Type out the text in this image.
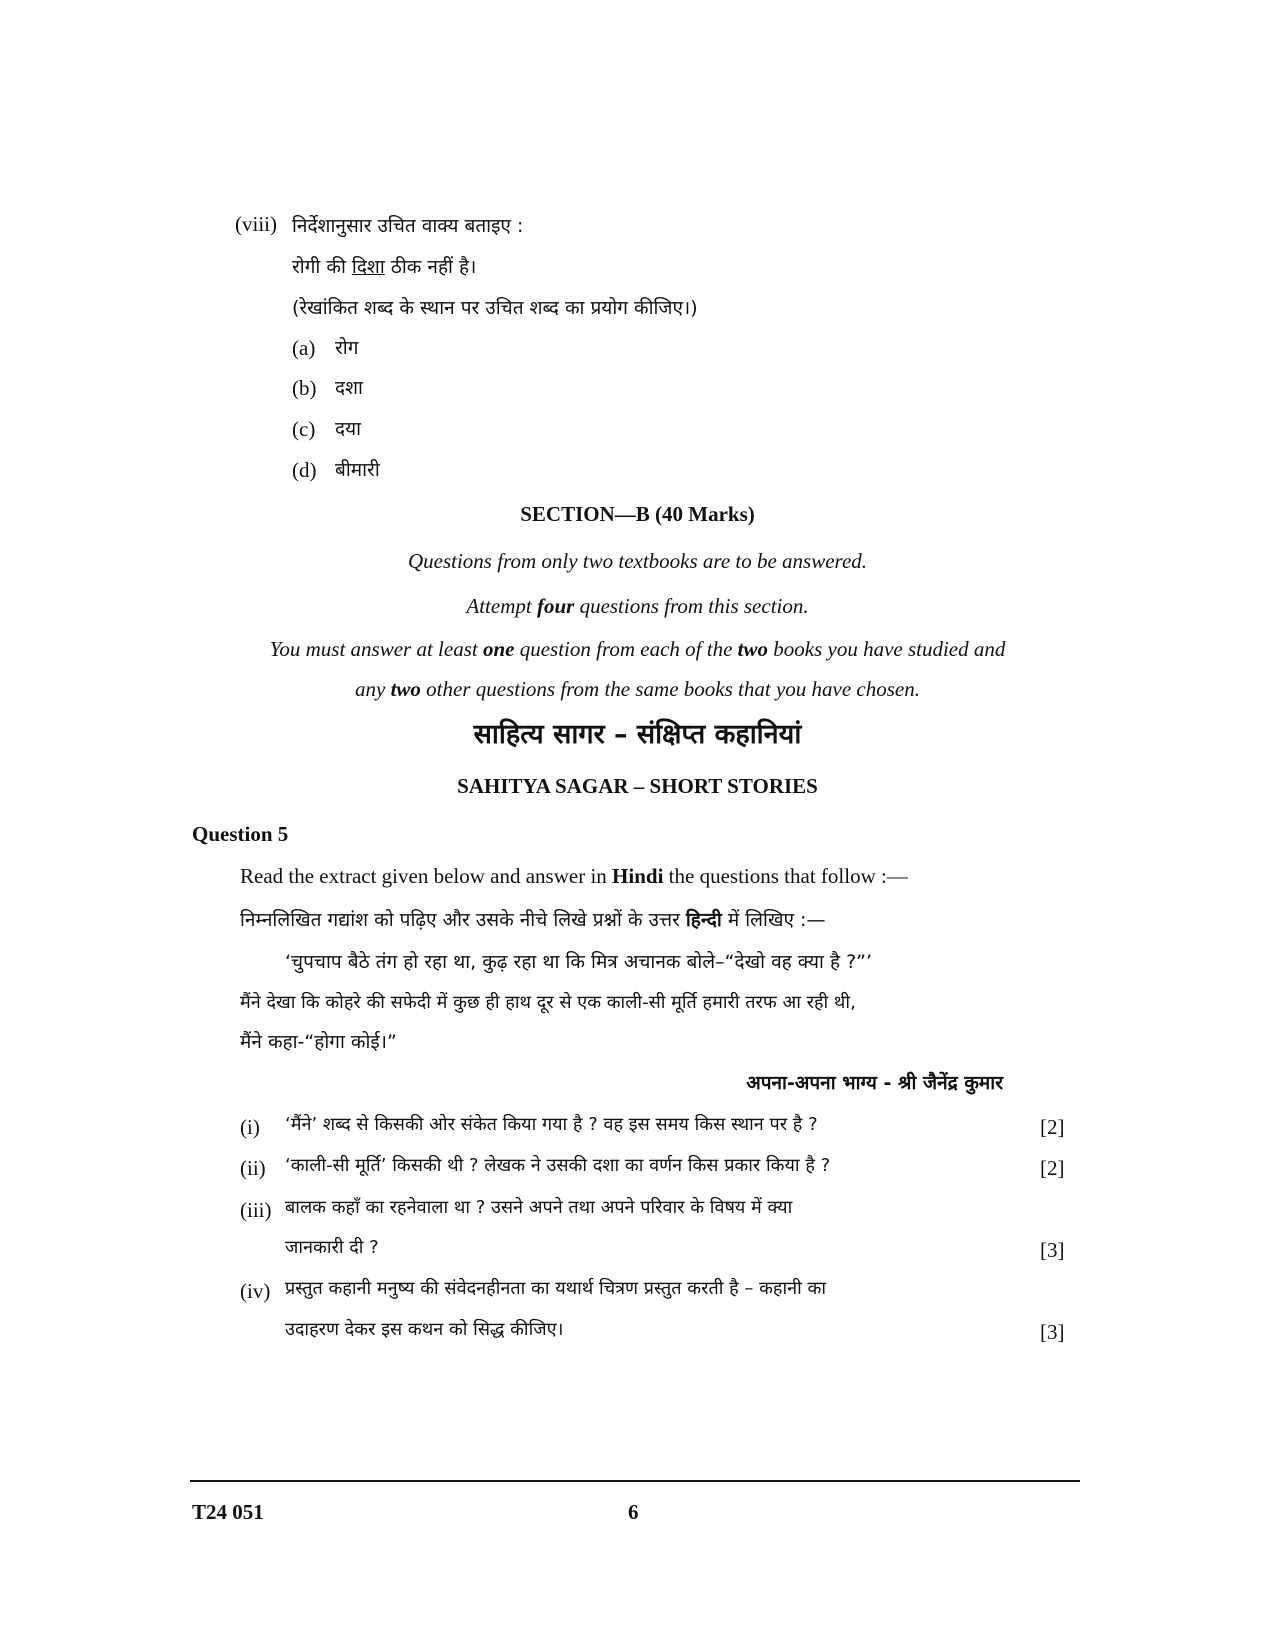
(viii) निर्देशानुसार उचित वाक्य बताइए :
रोगी की दिशा ठीक नहीं है।
(रेखांकित शब्द के स्थान पर उचित शब्द का प्रयोग कीजिए।)
(a) रोग
(b) दशा
(c) दया
(d) बीमारी
SECTION—B (40 Marks)
Questions from only two textbooks are to be answered.
Attempt four questions from this section.
You must answer at least one question from each of the two books you have studied and
any two other questions from the same books that you have chosen.
साहित्य सागर – संक्षिप्त कहानियां
SAHITYA SAGAR – SHORT STORIES
Question 5
Read the extract given below and answer in Hindi the questions that follow :—
निम्नलिखित गद्यांश को पढ़िए और उसके नीचे लिखे प्रश्नों के उत्तर हिन्दी में लिखिए :—
‘चुपचाप बैठे तंग हो रहा था, कुढ़ रहा था कि मित्र अचानक बोले–“देखो वह क्या है ?”’
मैंने देखा कि कोहरे की सफेदी में कुछ ही हाथ दूर से एक काली-सी मूर्ति हमारी तरफ आ रही थी,
मैंने कहा-“होगा कोई।”
अपना-अपना भाग्य - श्री जैनेंद्र कुमार
(i) ‘मैंने’ शब्द से किसकी ओर संकेत किया गया है ? वह इस समय किस स्थान पर है ?	[2]
(ii) ‘काली-सी मूर्ति’ किसकी थी ? लेखक ने उसकी दशा का वर्णन किस प्रकार किया है ?	[2]
(iii) बालक कहाँ का रहनेवाला था ? उसने अपने तथा अपने परिवार के विषय में क्या
जानकारी दी ?	[3]
(iv) प्रस्तुत कहानी मनुष्य की संवेदनहीनता का यथार्थ चित्रण प्रस्तुत करती है – कहानी का
उदाहरण देकर इस कथन को सिद्ध कीजिए।	[3]
T24 051	6
